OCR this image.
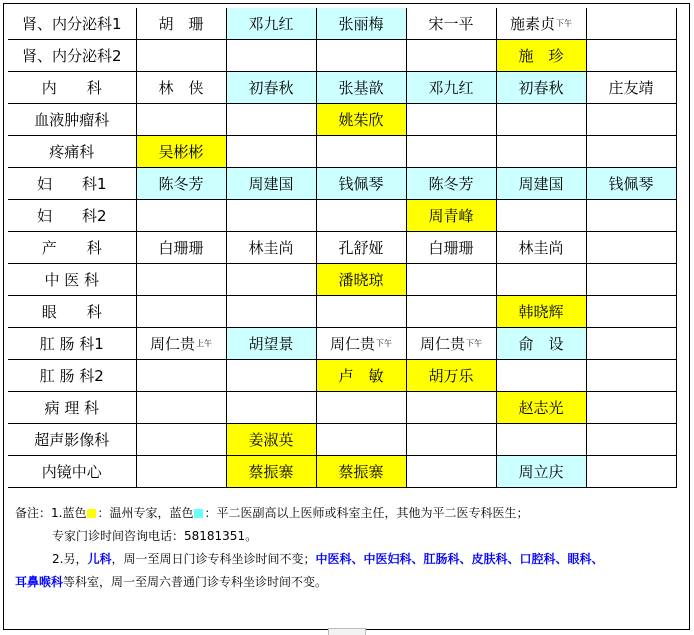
肾、内分泌科1	胡　珊	邓九红	张丽梅	宋一平	施素贞$^{下午}$	
肾、内分泌科2					施　珍	
内　　科	林　侠	初春秋	张基歆	邓九红	初春秋	庄友靖
血液肿瘤科			姚茱欣			
疼痛科	吴彬彬					
妇　　科1	陈冬芳	周建国	钱佩琴	陈冬芳	周建国	钱佩琴
妇　　科2				周青峰		
产　　科	白珊珊	林圭尚	孔舒娅	白珊珊	林圭尚	
中 医 科			潘晓琼			
眼　　科					韩晓辉	
肛 肠 科1	周仁贵$^{上午}$	胡望景	周仁贵$^{下午}$	周仁贵$^{下午}$	俞　设	
肛 肠 科2			卢　敏	胡万乐		
病 理 科					赵志光	
超声影像科		姜淑英				
内镜中心		蔡振寨	蔡振寨		周立庆	
备注：1.蓝色 ：温州专家，蓝色 ：平二医副高以上医师或科室主任，其他为平二医专科医生；
专家门诊时间咨询电话：58181351。
2.另，儿科，周一至周日门诊专科坐诊时间不变；中医科、中医妇科、肛肠科、皮肤科、口腔科、眼科、
耳鼻喉科等科室，周一至周六普通门诊专科坐诊时间不变。
